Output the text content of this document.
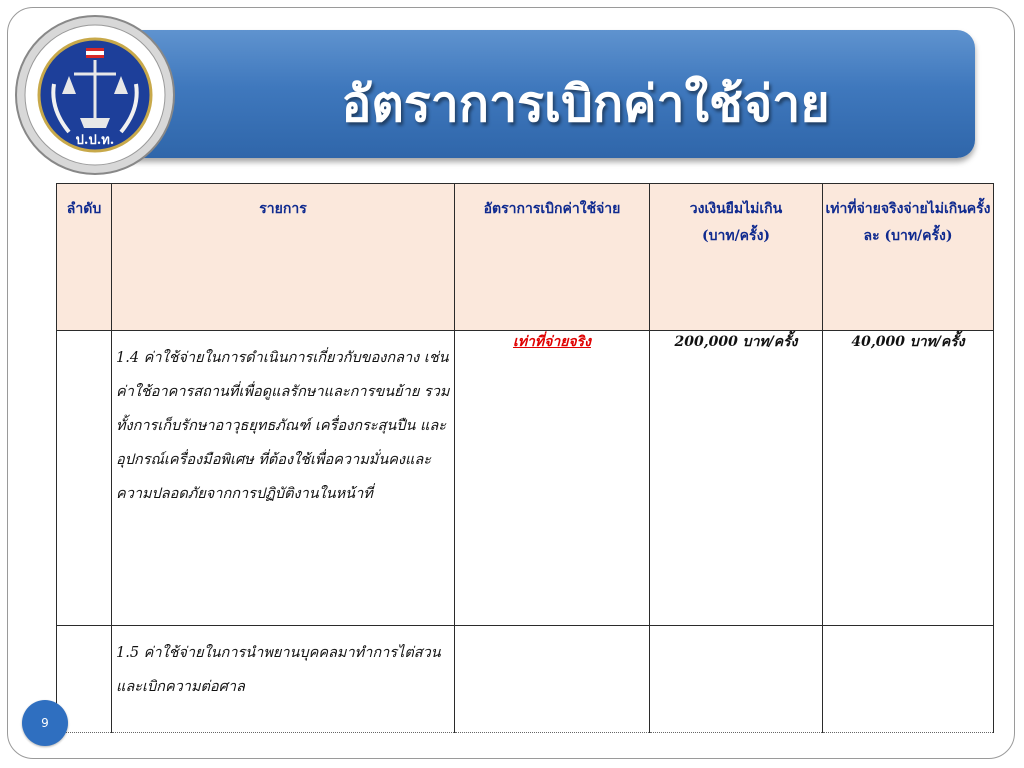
อัตราการเบิกค่าใช้จ่าย
ป.ป.ท.
ลำดับ	รายการ	อัตราการเบิกค่าใช้จ่าย	วงเงินยืมไม่เกิน (บาท/ครั้ง)	เท่าที่จ่ายจริงจ่ายไม่เกินครั้งละ (บาท/ครั้ง)

	1.4 ค่าใช้จ่ายในการดำเนินการเกี่ยวกับของกลาง เช่น ค่าใช้อาคารสถานที่เพื่อดูแลรักษาและการขนย้าย รวมทั้งการเก็บรักษาอาวุธยุทธภัณฑ์ เครื่องกระสุนปืน และอุปกรณ์เครื่องมือพิเศษ ที่ต้องใช้เพื่อความมั่นคงและความปลอดภัยจากการปฏิบัติงานในหน้าที่	เท่าที่จ่ายจริง	200,000 บาท/ครั้ง	40,000 บาท/ครั้ง

	1.5 ค่าใช้จ่ายในการนำพยานบุคคลมาทำการไต่สวนและเบิกความต่อศาล			

9
